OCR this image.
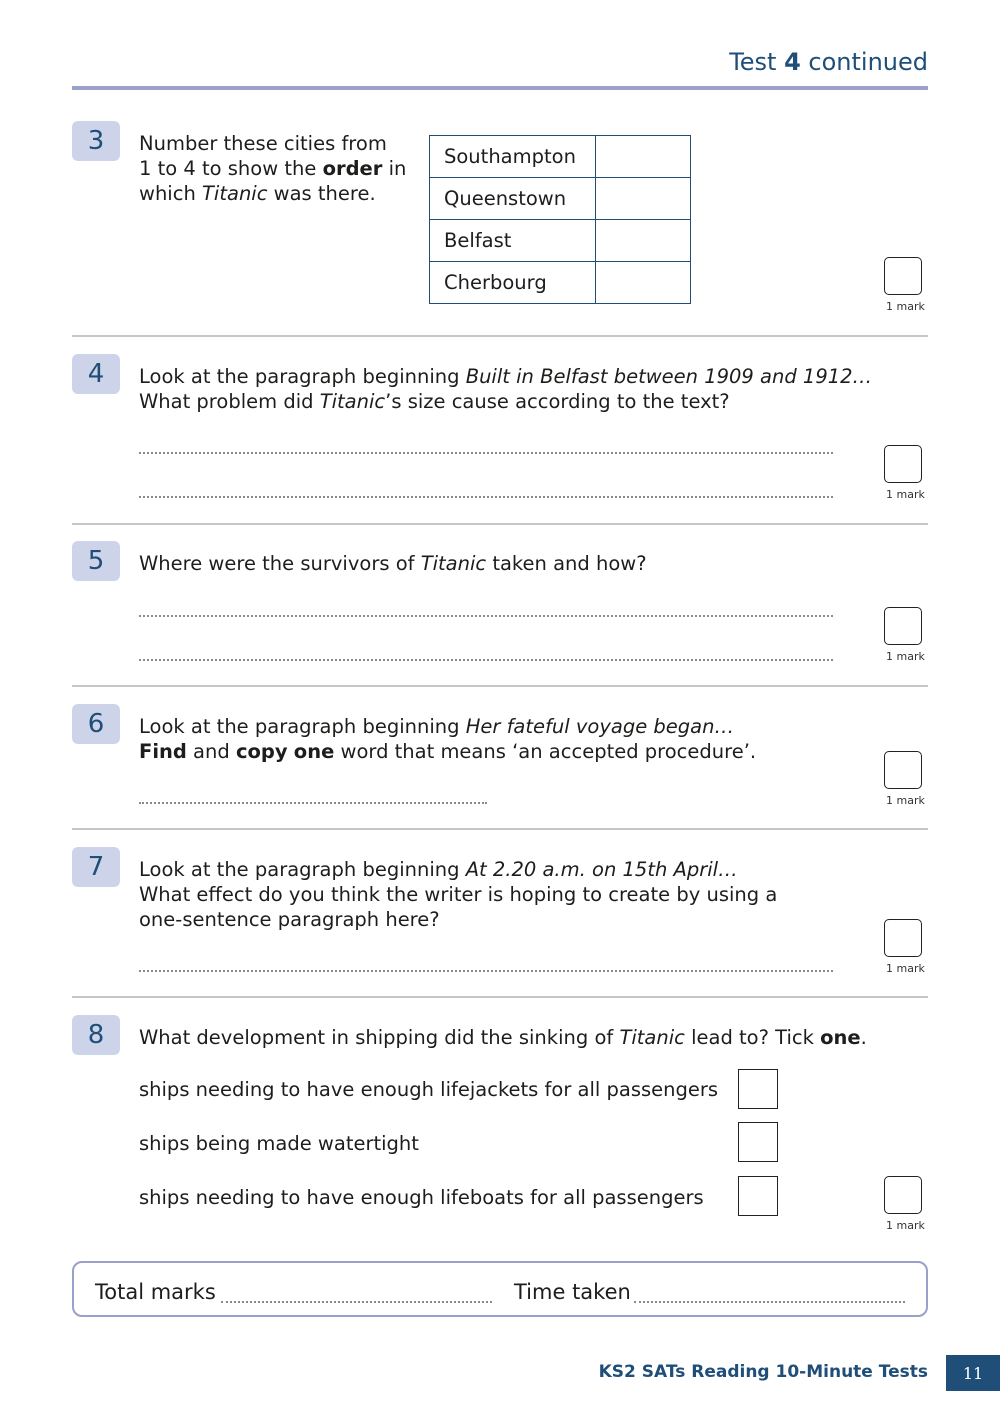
Test 4 continued
3	Number these cities from
1 to 4 to show the order in
which Titanic was there.
Southampton	
Queenstown	
Belfast	
Cherbourg	
1 mark
4	Look at the paragraph beginning Built in Belfast between 1909 and 1912…
What problem did Titanic’s size cause according to the text?
1 mark
5	Where were the survivors of Titanic taken and how?
1 mark
6	Look at the paragraph beginning Her fateful voyage began…
Find and copy one word that means ‘an accepted procedure’.
1 mark
7	Look at the paragraph beginning At 2.20 a.m. on 15th April…
What effect do you think the writer is hoping to create by using a
one-sentence paragraph here?
1 mark
8	What development in shipping did the sinking of Titanic lead to? Tick one.
ships needing to have enough lifejackets for all passengers
ships being made watertight
ships needing to have enough lifeboats for all passengers
1 mark
Total marks	Time taken
KS2 SATs Reading 10-Minute Tests	11
